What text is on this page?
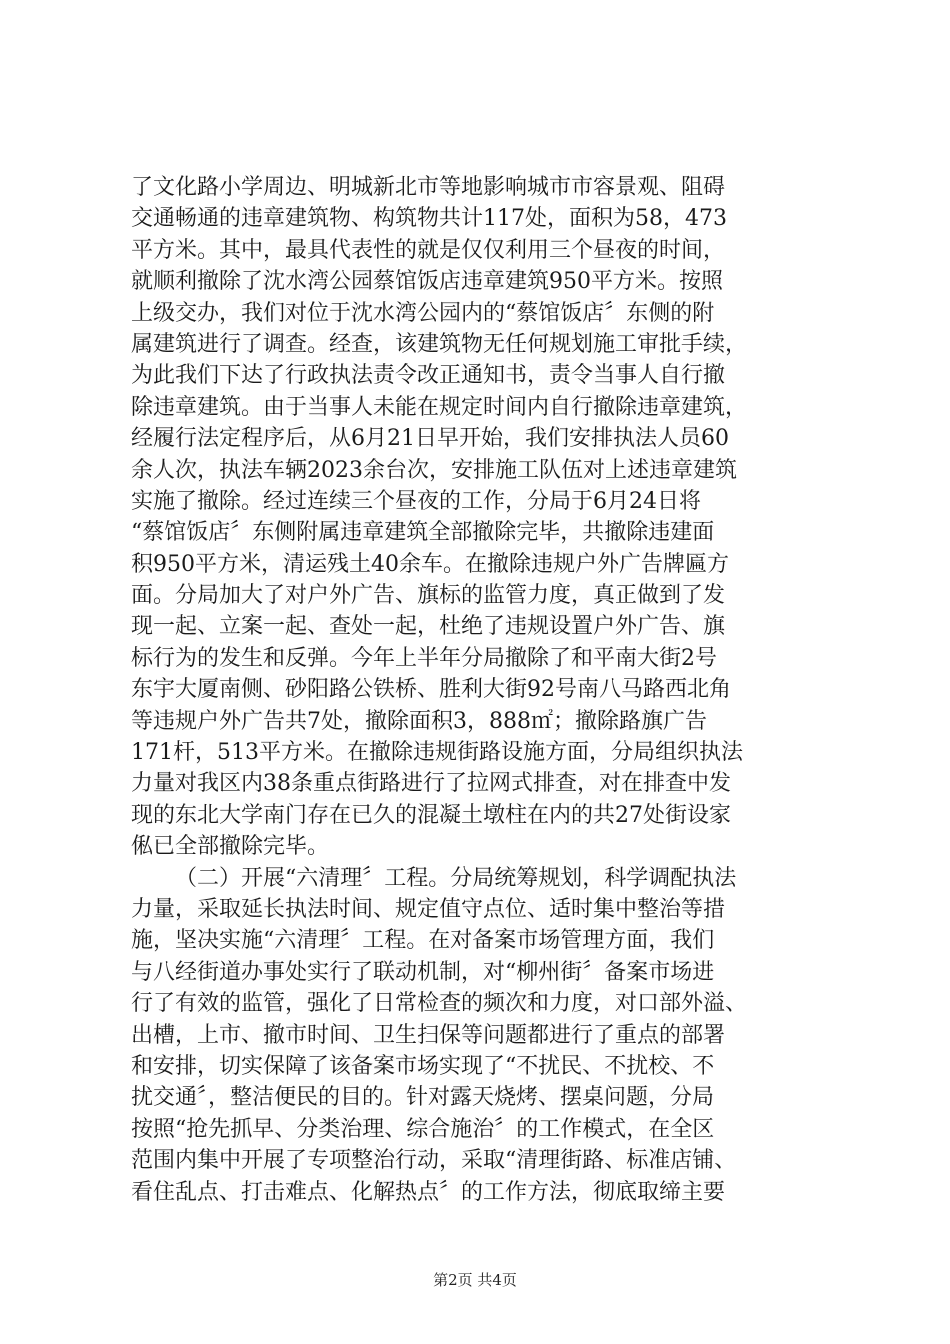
了文化路小学周边、明城新北市等地影响城市市容景观、阻碍
交通畅通的违章建筑物、构筑物共计117处，面积为58，473
平方米。其中，最具代表性的就是仅仅利用三个昼夜的时间，
就顺利撤除了沈水湾公园蔡馆饭店违章建筑950平方米。按照
上级交办，我们对位于沈水湾公园内的“蔡馆饭店〞东侧的附
属建筑进行了调查。经查，该建筑物无任何规划施工审批手续，
为此我们下达了行政执法责令改正通知书，责令当事人自行撤
除违章建筑。由于当事人未能在规定时间内自行撤除违章建筑，
经履行法定程序后，从6月21日早开始，我们安排执法人员60
余人次，执法车辆2023余台次，安排施工队伍对上述违章建筑
实施了撤除。经过连续三个昼夜的工作，分局于6月24日将
“蔡馆饭店〞东侧附属违章建筑全部撤除完毕，共撤除违建面
积950平方米，清运残土40余车。在撤除违规户外广告牌匾方
面。分局加大了对户外广告、旗标的监管力度，真正做到了发
现一起、立案一起、查处一起，杜绝了违规设置户外广告、旗
标行为的发生和反弹。今年上半年分局撤除了和平南大街2号
东宇大厦南侧、砂阳路公铁桥、胜利大街92号南八马路西北角
等违规户外广告共7处，撤除面积3，888㎡；撤除路旗广告
171杆，513平方米。在撤除违规街路设施方面，分局组织执法
力量对我区内38条重点街路进行了拉网式排查，对在排查中发
现的东北大学南门存在已久的混凝土墩柱在内的共27处街设家
俬已全部撤除完毕。
（二）开展“六清理〞工程。分局统筹规划，科学调配执法
力量，采取延长执法时间、规定值守点位、适时集中整治等措
施，坚决实施“六清理〞工程。在对备案市场管理方面，我们
与八经街道办事处实行了联动机制，对“柳州街〞备案市场进
行了有效的监管，强化了日常检查的频次和力度，对口部外溢、
出槽，上市、撤市时间、卫生扫保等问题都进行了重点的部署
和安排，切实保障了该备案市场实现了“不扰民、不扰校、不
扰交通〞，整洁便民的目的。针对露天烧烤、摆桌问题，分局
按照“抢先抓早、分类治理、综合施治〞的工作模式，在全区
范围内集中开展了专项整治行动，采取“清理街路、标准店铺、
看住乱点、打击难点、化解热点〞的工作方法，彻底取缔主要
第2页 共4页
